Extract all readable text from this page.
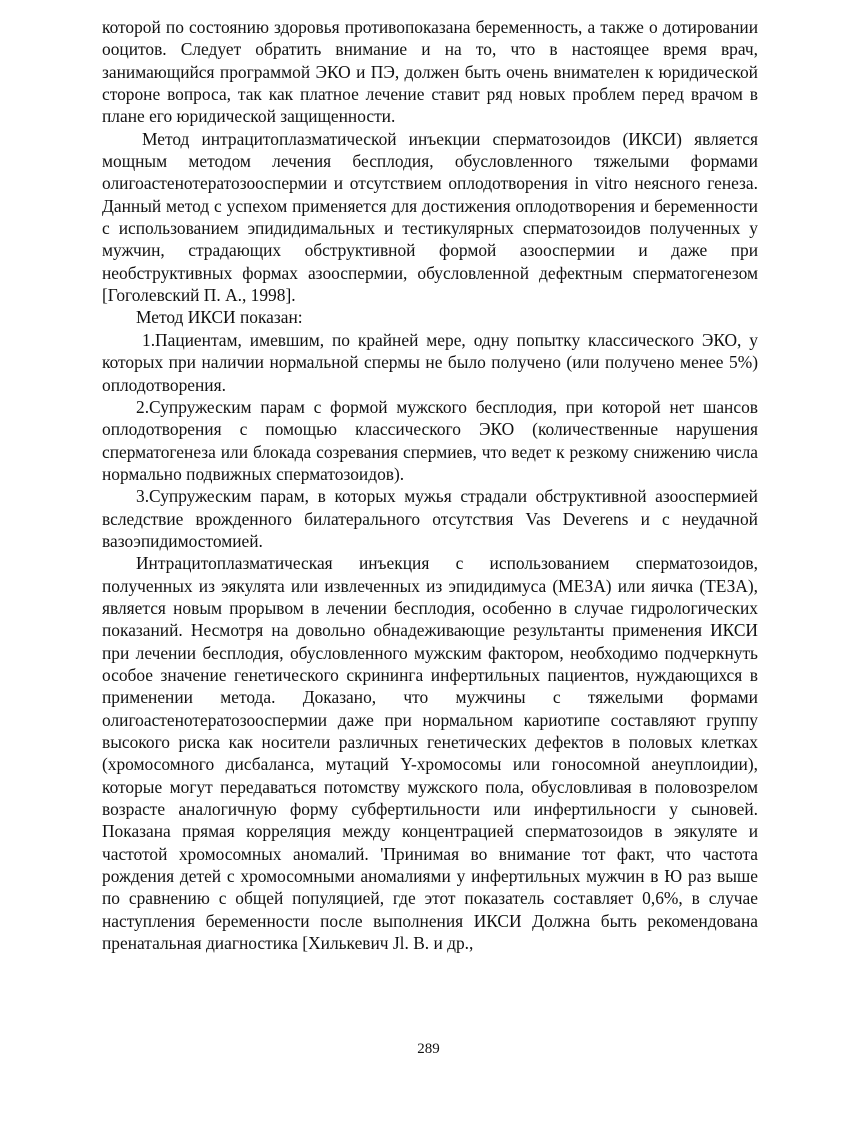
которой по состоянию здоровья противопоказана беременность, а также о дотировании ооцитов. Следует обратить внимание и на то, что в настоящее время врач, занимающийся программой ЭКО и ПЭ, должен быть очень внимателен к юридической стороне вопроса, так как платное лечение ставит ряд новых проблем перед врачом в плане его юридической защищенности.

Метод интрацитоплазматической инъекции сперматозоидов (ИКСИ) является мощным методом лечения бесплодия, обусловленного тяжелыми формами олигоастенотератозооспермии и отсутствием оплодотворения in vitro неясного генеза. Данный метод с успехом применяется для достижения оплодотворения и беременности с использованием эпидидимальных и тестикулярных сперматозоидов полученных у мужчин, страдающих обструктивной формой азооспермии и даже при необструктивных формах азооспермии, обусловленной дефектным сперматогенезом [Гоголевский П. А., 1998].

Метод ИКСИ показан:

1.Пациентам, имевшим, по крайней мере, одну попытку классического ЭКО, у которых при наличии нормальной спермы не было получено (или получено менее 5%) оплодотворения.

2.Супружеским парам с формой мужского бесплодия, при которой нет шансов оплодотворения с помощью классического ЭКО (количественные нарушения сперматогенеза или блокада созревания спермиев, что ведет к резкому снижению числа нормально подвижных сперматозоидов).

3.Супружеским парам, в которых мужья страдали обструктивной азооспермией вследствие врожденного билатерального отсутствия Vas Deverens и с неудачной вазоэпидимостомией.

Интрацитоплазматическая инъекция с использованием сперматозоидов, полученных из эякулята или извлеченных из эпидидимуса (МЕЗА) или яичка (ТЕЗА), является новым прорывом в лечении бесплодия, особенно в случае гидрологических показаний. Несмотря на довольно обнадеживающие результанты применения ИКСИ при лечении бесплодия, обусловленного мужским фактором, необходимо подчеркнуть особое значение генетического скрининга инфертильных пациентов, нуждающихся в применении метода. Доказано, что мужчины с тяжелыми формами олигоастенотератозооспермии даже при нормальном кариотипе составляют группу высокого риска как носители различных генетических дефектов в половых клетках (хромосомного дисбаланса, мутаций Y-хромосомы или гоносомной анеуплоидии), которые могут передаваться потомству мужского пола, обусловливая в половозрелом возрасте аналогичную форму субфертильности или инфертильносги у сыновей. Показана прямая корреляция между концентрацией сперматозоидов в эякуляте и частотой хромосомных аномалий. 'Принимая во внимание тот факт, что частота рождения детей с хромосомными аномалиями у инфертильных мужчин в Ю раз выше по сравнению с общей популяцией, где этот показатель составляет 0,6%, в случае наступления беременности после выполнения ИКСИ Должна быть рекомендована пренатальная диагностика [Хилькевич Jl. В. и др.,

289
